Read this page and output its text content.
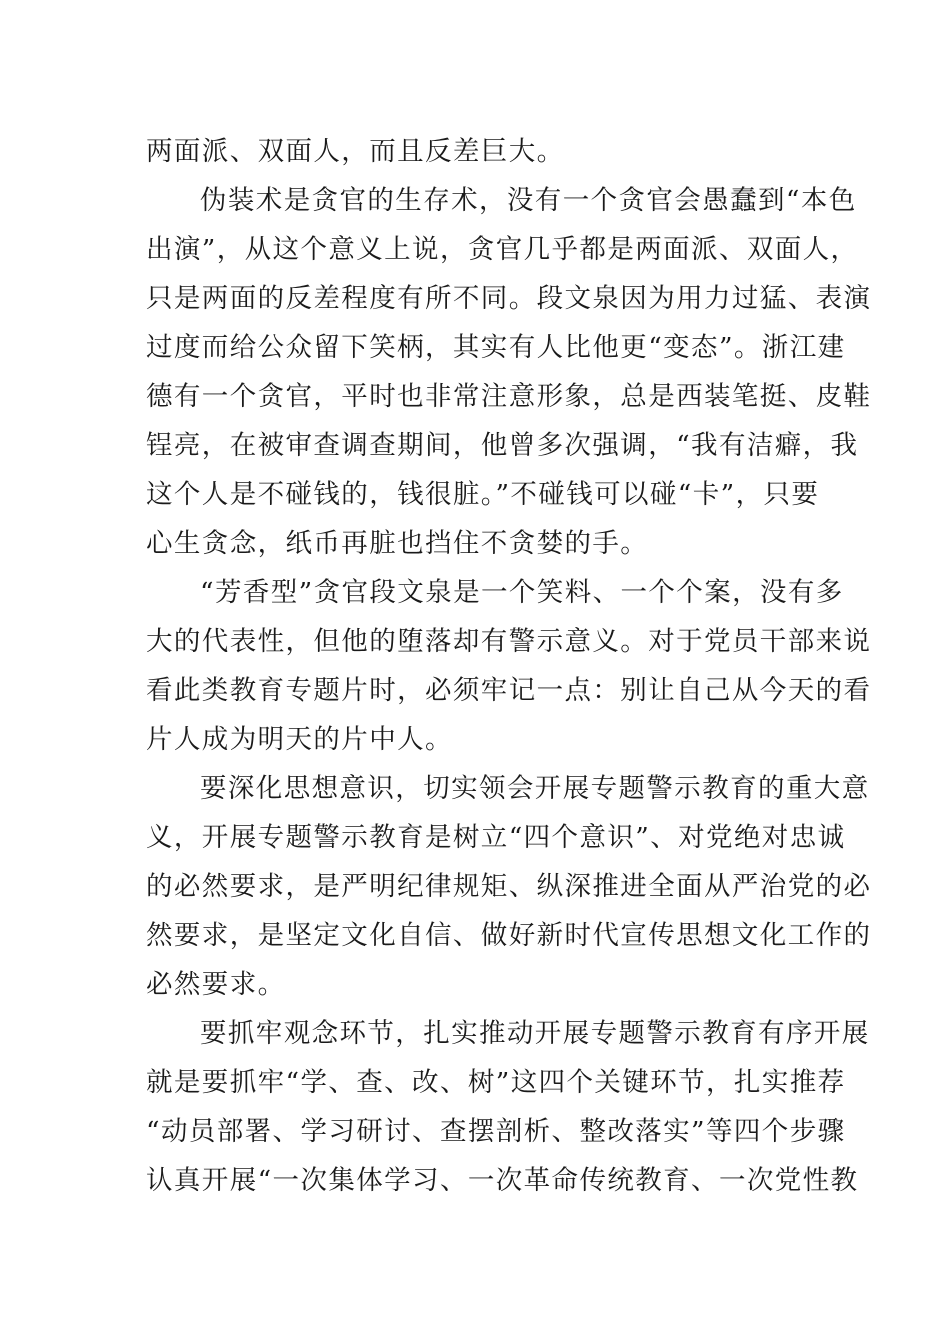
两面派、双面人，而且反差巨大。
伪装术是贪官的生存术，没有一个贪官会愚蠢到“本色
出演”，从这个意义上说，贪官几乎都是两面派、双面人，
只是两面的反差程度有所不同。段文泉因为用力过猛、表演
过度而给公众留下笑柄，其实有人比他更“变态”。浙江建
德有一个贪官，平时也非常注意形象，总是西装笔挺、皮鞋
锃亮，在被审查调查期间，他曾多次强调，“我有洁癖，我
这个人是不碰钱的，钱很脏。”不碰钱可以碰“卡”，只要
心生贪念，纸币再脏也挡住不贪婪的手。
“芳香型”贪官段文泉是一个笑料、一个个案，没有多
大的代表性，但他的堕落却有警示意义。对于党员干部来说
看此类教育专题片时，必须牢记一点：别让自己从今天的看
片人成为明天的片中人。
要深化思想意识，切实领会开展专题警示教育的重大意
义，开展专题警示教育是树立“四个意识”、对党绝对忠诚
的必然要求，是严明纪律规矩、纵深推进全面从严治党的必
然要求，是坚定文化自信、做好新时代宣传思想文化工作的
必然要求。
要抓牢观念环节，扎实推动开展专题警示教育有序开展
就是要抓牢“学、查、改、树”这四个关键环节，扎实推荐
“动员部署、学习研讨、查摆剖析、整改落实”等四个步骤
认真开展“一次集体学习、一次革命传统教育、一次党性教
